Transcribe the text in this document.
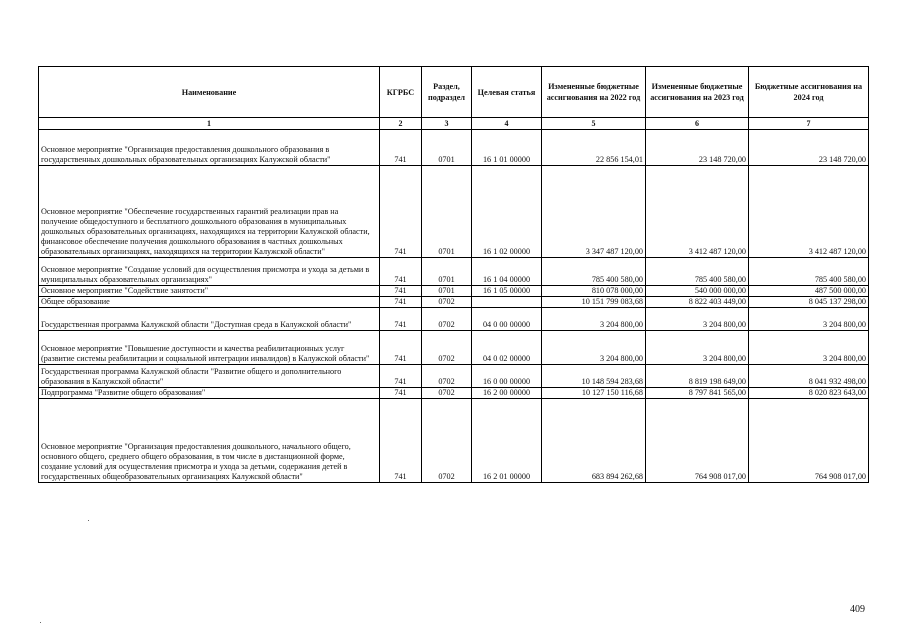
Наименование	КГРБС	Раздел, подраздел	Целевая статья	Измененные бюджетные ассигнования на 2022 год	Измененные бюджетные ассигнования на 2023 год	Бюджетные ассигнования на 2024 год
1	2	3	4	5	6	7
Основное мероприятие "Организация предоставления дошкольного образования в государственных дошкольных образовательных организациях Калужской области"	741	0701	16 1 01 00000	22 856 154,01	23 148 720,00	23 148 720,00
Основное мероприятие "Обеспечение государственных гарантий реализации прав на получение общедоступного и бесплатного дошкольного образования в муниципальных дошкольных образовательных организациях, находящихся на территории Калужской области, финансовое обеспечение получения дошкольного образования в частных дошкольных образовательных организациях, находящихся на территории Калужской области"	741	0701	16 1 02 00000	3 347 487 120,00	3 412 487 120,00	3 412 487 120,00
Основное мероприятие "Создание условий для осуществления присмотра и ухода за детьми в муниципальных образовательных организациях"	741	0701	16 1 04 00000	785 400 580,00	785 400 580,00	785 400 580,00
Основное мероприятие "Содействие занятости"	741	0701	16 1 05 00000	810 078 000,00	540 000 000,00	487 500 000,00
Общее образование	741	0702		10 151 799 083,68	8 822 403 449,00	8 045 137 298,00
Государственная программа Калужской области "Доступная среда в Калужской области"	741	0702	04 0 00 00000	3 204 800,00	3 204 800,00	3 204 800,00
Основное мероприятие "Повышение доступности и качества реабилитационных услуг (развитие системы реабилитации и социальной интеграции инвалидов) в Калужской области"	741	0702	04 0 02 00000	3 204 800,00	3 204 800,00	3 204 800,00
Государственная программа Калужской области "Развитие общего и дополнительного образования в Калужской области"	741	0702	16 0 00 00000	10 148 594 283,68	8 819 198 649,00	8 041 932 498,00
Подпрограмма "Развитие общего образования"	741	0702	16 2 00 00000	10 127 150 116,68	8 797 841 565,00	8 020 823 643,00
Основное мероприятие "Организация предоставления дошкольного, начального общего, основного общего, среднего общего образования, в том числе в дистанционной форме, создание условий для осуществления присмотра и ухода за детьми, содержания детей в государственных общеобразовательных организациях Калужской области"	741	0702	16 2 01 00000	683 894 262,68	764 908 017,00	764 908 017,00
409
